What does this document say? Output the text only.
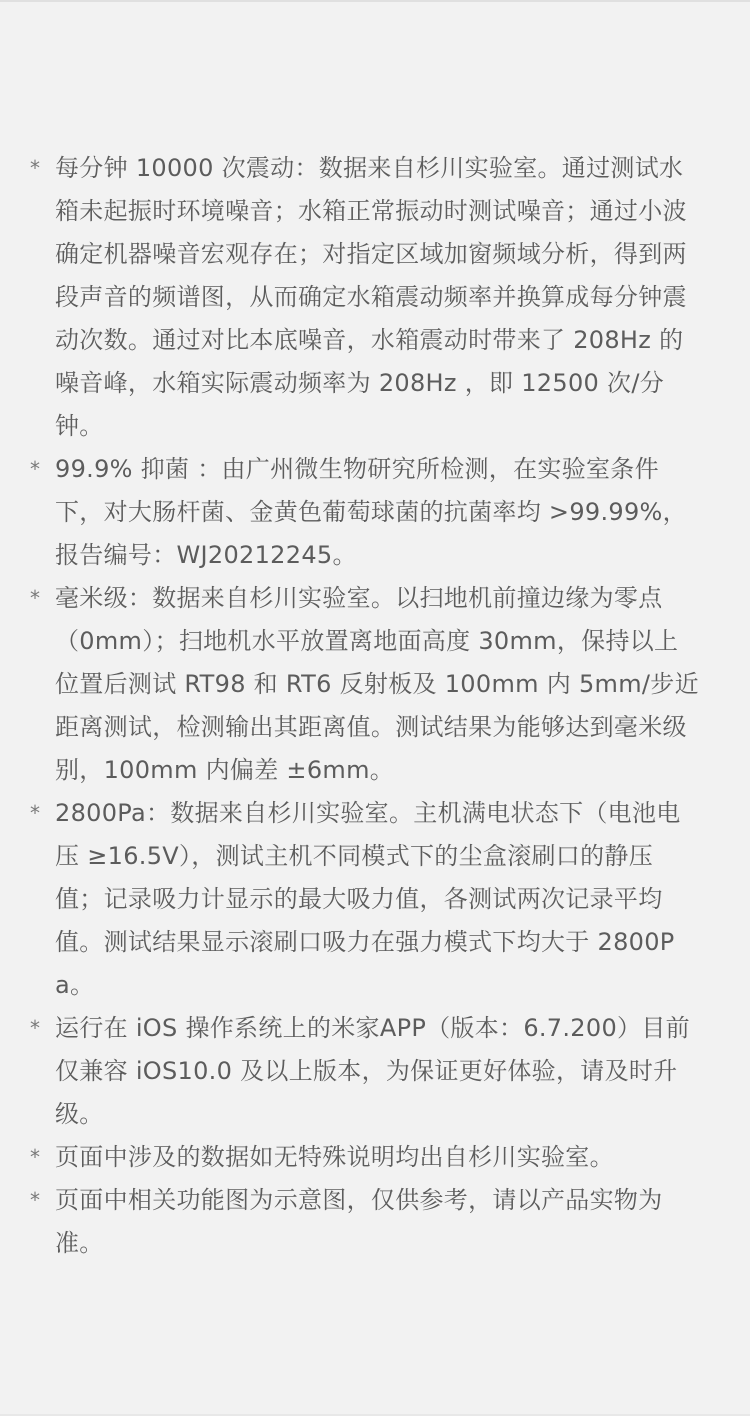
* 每分钟 10000 次震动：数据来自杉川实验室。通过测试水箱未起振时环境噪音；水箱正常振动时测试噪音；通过小波确定机器噪音宏观存在；对指定区域加窗频域分析，得到两段声音的频谱图，从而确定水箱震动频率并换算成每分钟震动次数。通过对比本底噪音，水箱震动时带来了 208Hz 的噪音峰，水箱实际震动频率为 208Hz ，即 12500 次/分钟。
* 99.9% 抑菌 ：由广州微生物研究所检测，在实验室条件下，对大肠杆菌、金黄色葡萄球菌的抗菌率均 >99.99%，报告编号：WJ20212245。
* 毫米级：数据来自杉川实验室。以扫地机前撞边缘为零点（0mm）；扫地机水平放置离地面高度 30mm，保持以上位置后测试 RT98 和 RT6 反射板及 100mm 内 5mm/步近距离测试，检测输出其距离值。测试结果为能够达到毫米级别，100mm 内偏差 ±6mm。
* 2800Pa：数据来自杉川实验室。主机满电状态下（电池电压 ≥16.5V），测试主机不同模式下的尘盒滚刷口的静压值；记录吸力计显示的最大吸力值，各测试两次记录平均值。测试结果显示滚刷口吸力在强力模式下均大于 2800Pa。
* 运行在 iOS 操作系统上的米家APP（版本：6.7.200）目前仅兼容 iOS10.0 及以上版本，为保证更好体验，请及时升级。
* 页面中涉及的数据如无特殊说明均出自杉川实验室。
* 页面中相关功能图为示意图，仅供参考，请以产品实物为准。
